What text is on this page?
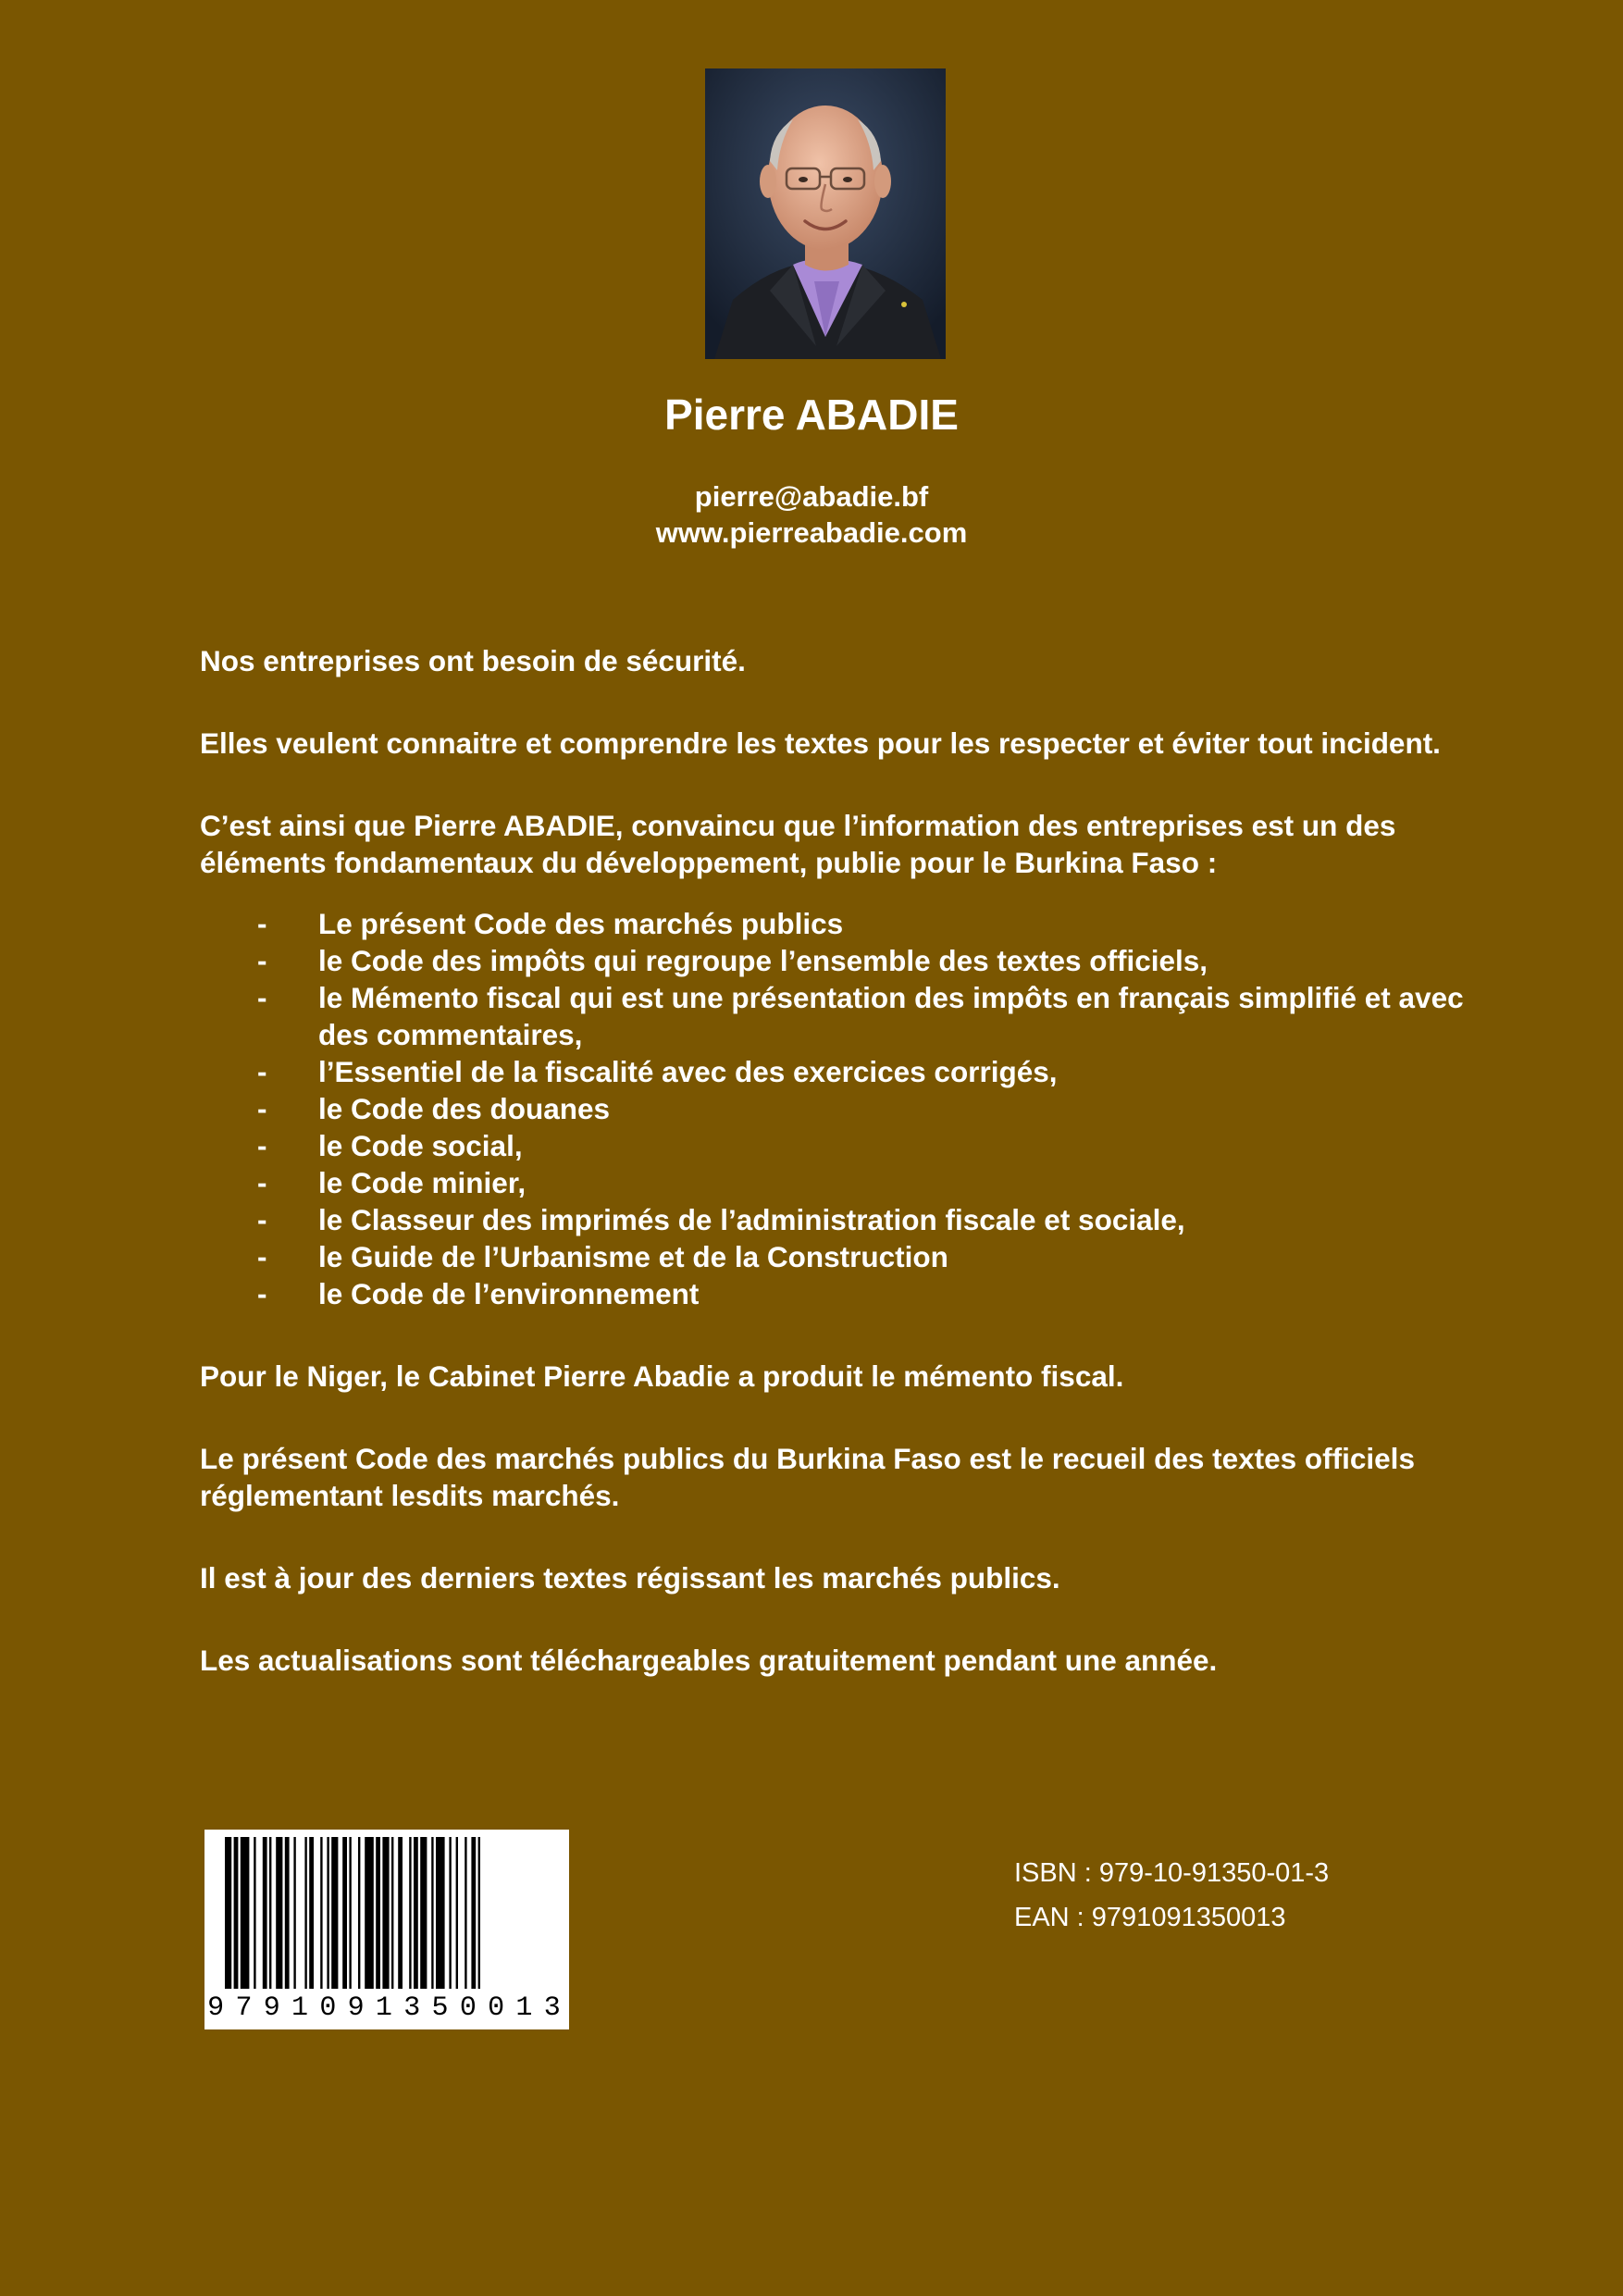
Pierre ABADIE
pierre@abadie.bf
www.pierreabadie.com

Nos entreprises ont besoin de sécurité.

Elles veulent connaitre et comprendre les textes pour les respecter et éviter tout incident.

C’est ainsi que Pierre ABADIE, convaincu que l’information des entreprises est un des éléments fondamentaux du développement, publie pour le Burkina Faso :

- Le présent Code des marchés publics
- le Code des impôts qui regroupe l’ensemble des textes officiels,
- le Mémento fiscal qui est une présentation des impôts en français simplifié et avec des commentaires,
- l’Essentiel de la fiscalité avec des exercices corrigés,
- le Code des douanes
- le Code social,
- le Code minier,
- le Classeur des imprimés de l’administration fiscale et sociale,
- le Guide de l’Urbanisme et de la Construction
- le Code de l’environnement

Pour le Niger, le Cabinet Pierre Abadie a produit le mémento fiscal.

Le présent Code des marchés publics du Burkina Faso est le recueil des textes officiels réglementant lesdits marchés.

Il est à jour des derniers textes régissant les marchés publics.

Les actualisations sont téléchargeables gratuitement pendant une année.

9 7 9 1 0 9 1 3 5 0 0 1 3
ISBN : 979-10-91350-01-3
EAN : 9791091350013
